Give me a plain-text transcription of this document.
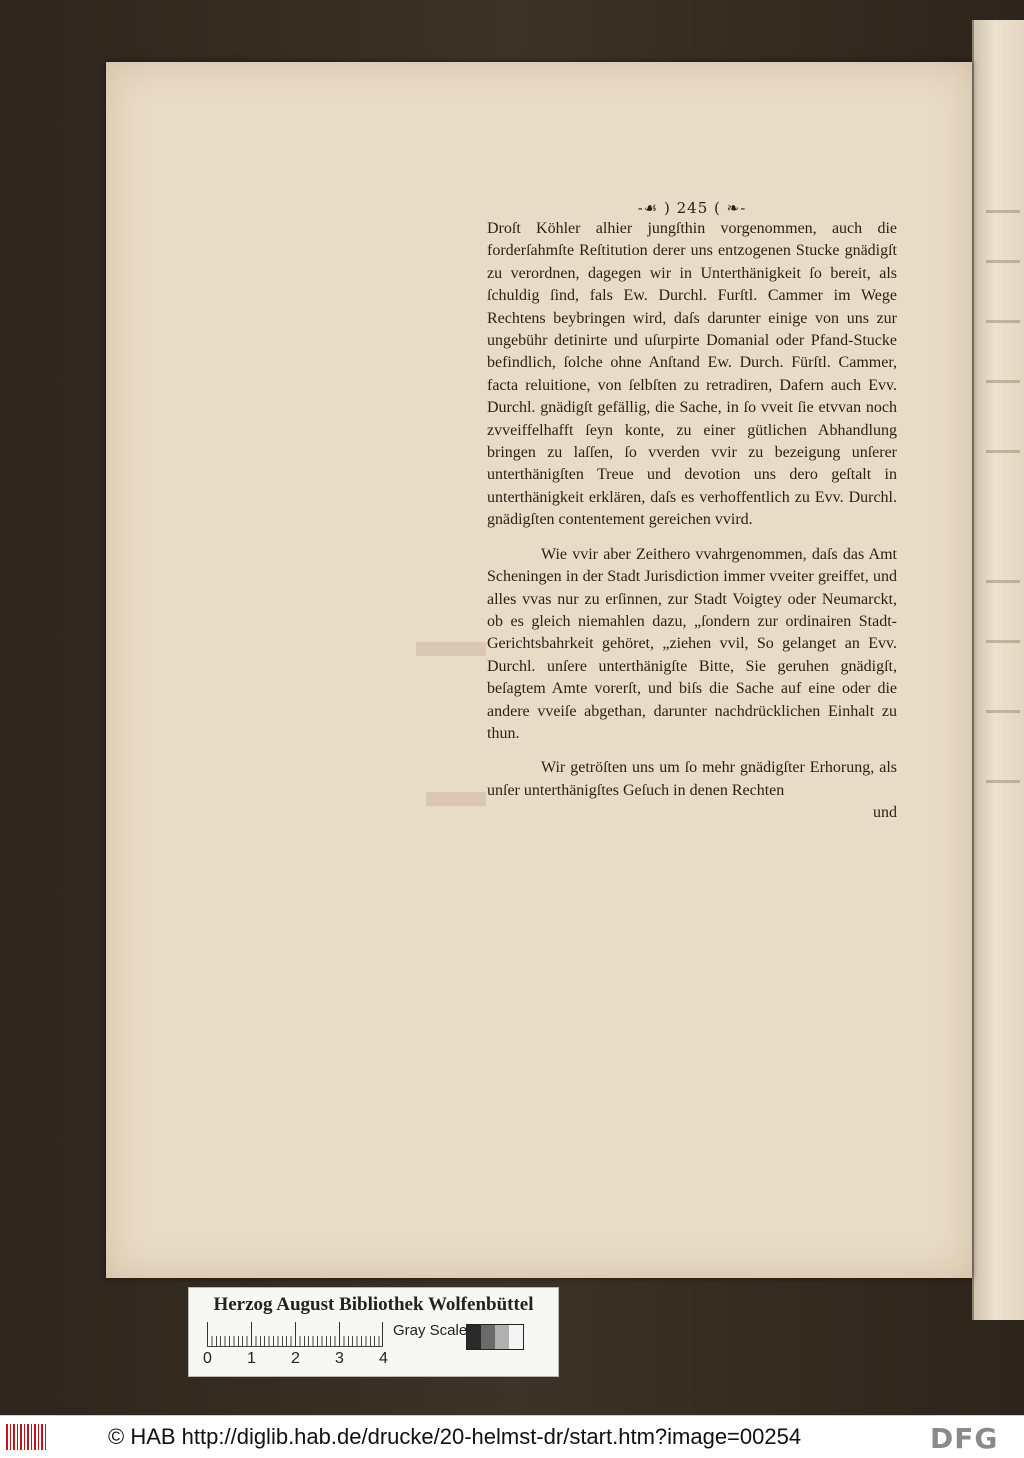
-☙ ) 245 ( ❧-

Droſt Köhler alhier jungſthin vorgenommen, auch die forderſahmſte Reſtitution derer uns entzogenen Stucke gnädigſt zu verordnen, dagegen wir in Unterthänigkeit ſo bereit, als ſchuldig ſind, fals Ew. Durchl. Furſtl. Cammer im Wege Rechtens beybringen wird, daſs darunter einige von uns zur ungebühr detinirte und uſurpirte Domanial oder Pfand-Stucke befindlich, ſolche ohne Anſtand Ew. Durch. Fürſtl. Cammer, facta reluitione, von ſelbſten zu retradiren, Dafern auch Evv. Durchl. gnädigſt gefällig, die Sache, in ſo vveit ſie etvvan noch zvveiffelhafft ſeyn konte, zu einer gütlichen Abhandlung bringen zu laſſen, ſo vverden vvir zu bezeigung unſerer unterthänigſten Treue und devotion uns dero geſtalt in unterthänigkeit erklären, daſs es verhoffentlich zu Evv. Durchl. gnädigſten contentement gereichen vvird.

Wie vvir aber Zeithero vvahrgenommen, daſs das Amt Scheningen in der Stadt Jurisdiction immer vveiter greiffet, und alles vvas nur zu erſinnen, zur Stadt Voigtey oder Neumarckt, ob es gleich niemahlen dazu, „ſondern zur ordinairen Stadt-Gerichtsbahrkeit gehöret, „ziehen vvil, So gelanget an Evv. Durchl. unſere unterthänigſte Bitte, Sie geruhen gnädigſt, beſagtem Amte vorerſt, und biſs die Sache auf eine oder die andere vveiſe abgethan, darunter nachdrücklichen Einhalt zu thun.

Wir getröſten uns um ſo mehr gnädigſter Erhorung, als unſer unterthänigſtes Geſuch in denen Rechten

und
Herzog August Bibliothek Wolfenbüttel
0 1 2 3 4
Gray Scale
© HAB http://diglib.hab.de/drucke/20-helmst-dr/start.htm?image=00254	DFG
